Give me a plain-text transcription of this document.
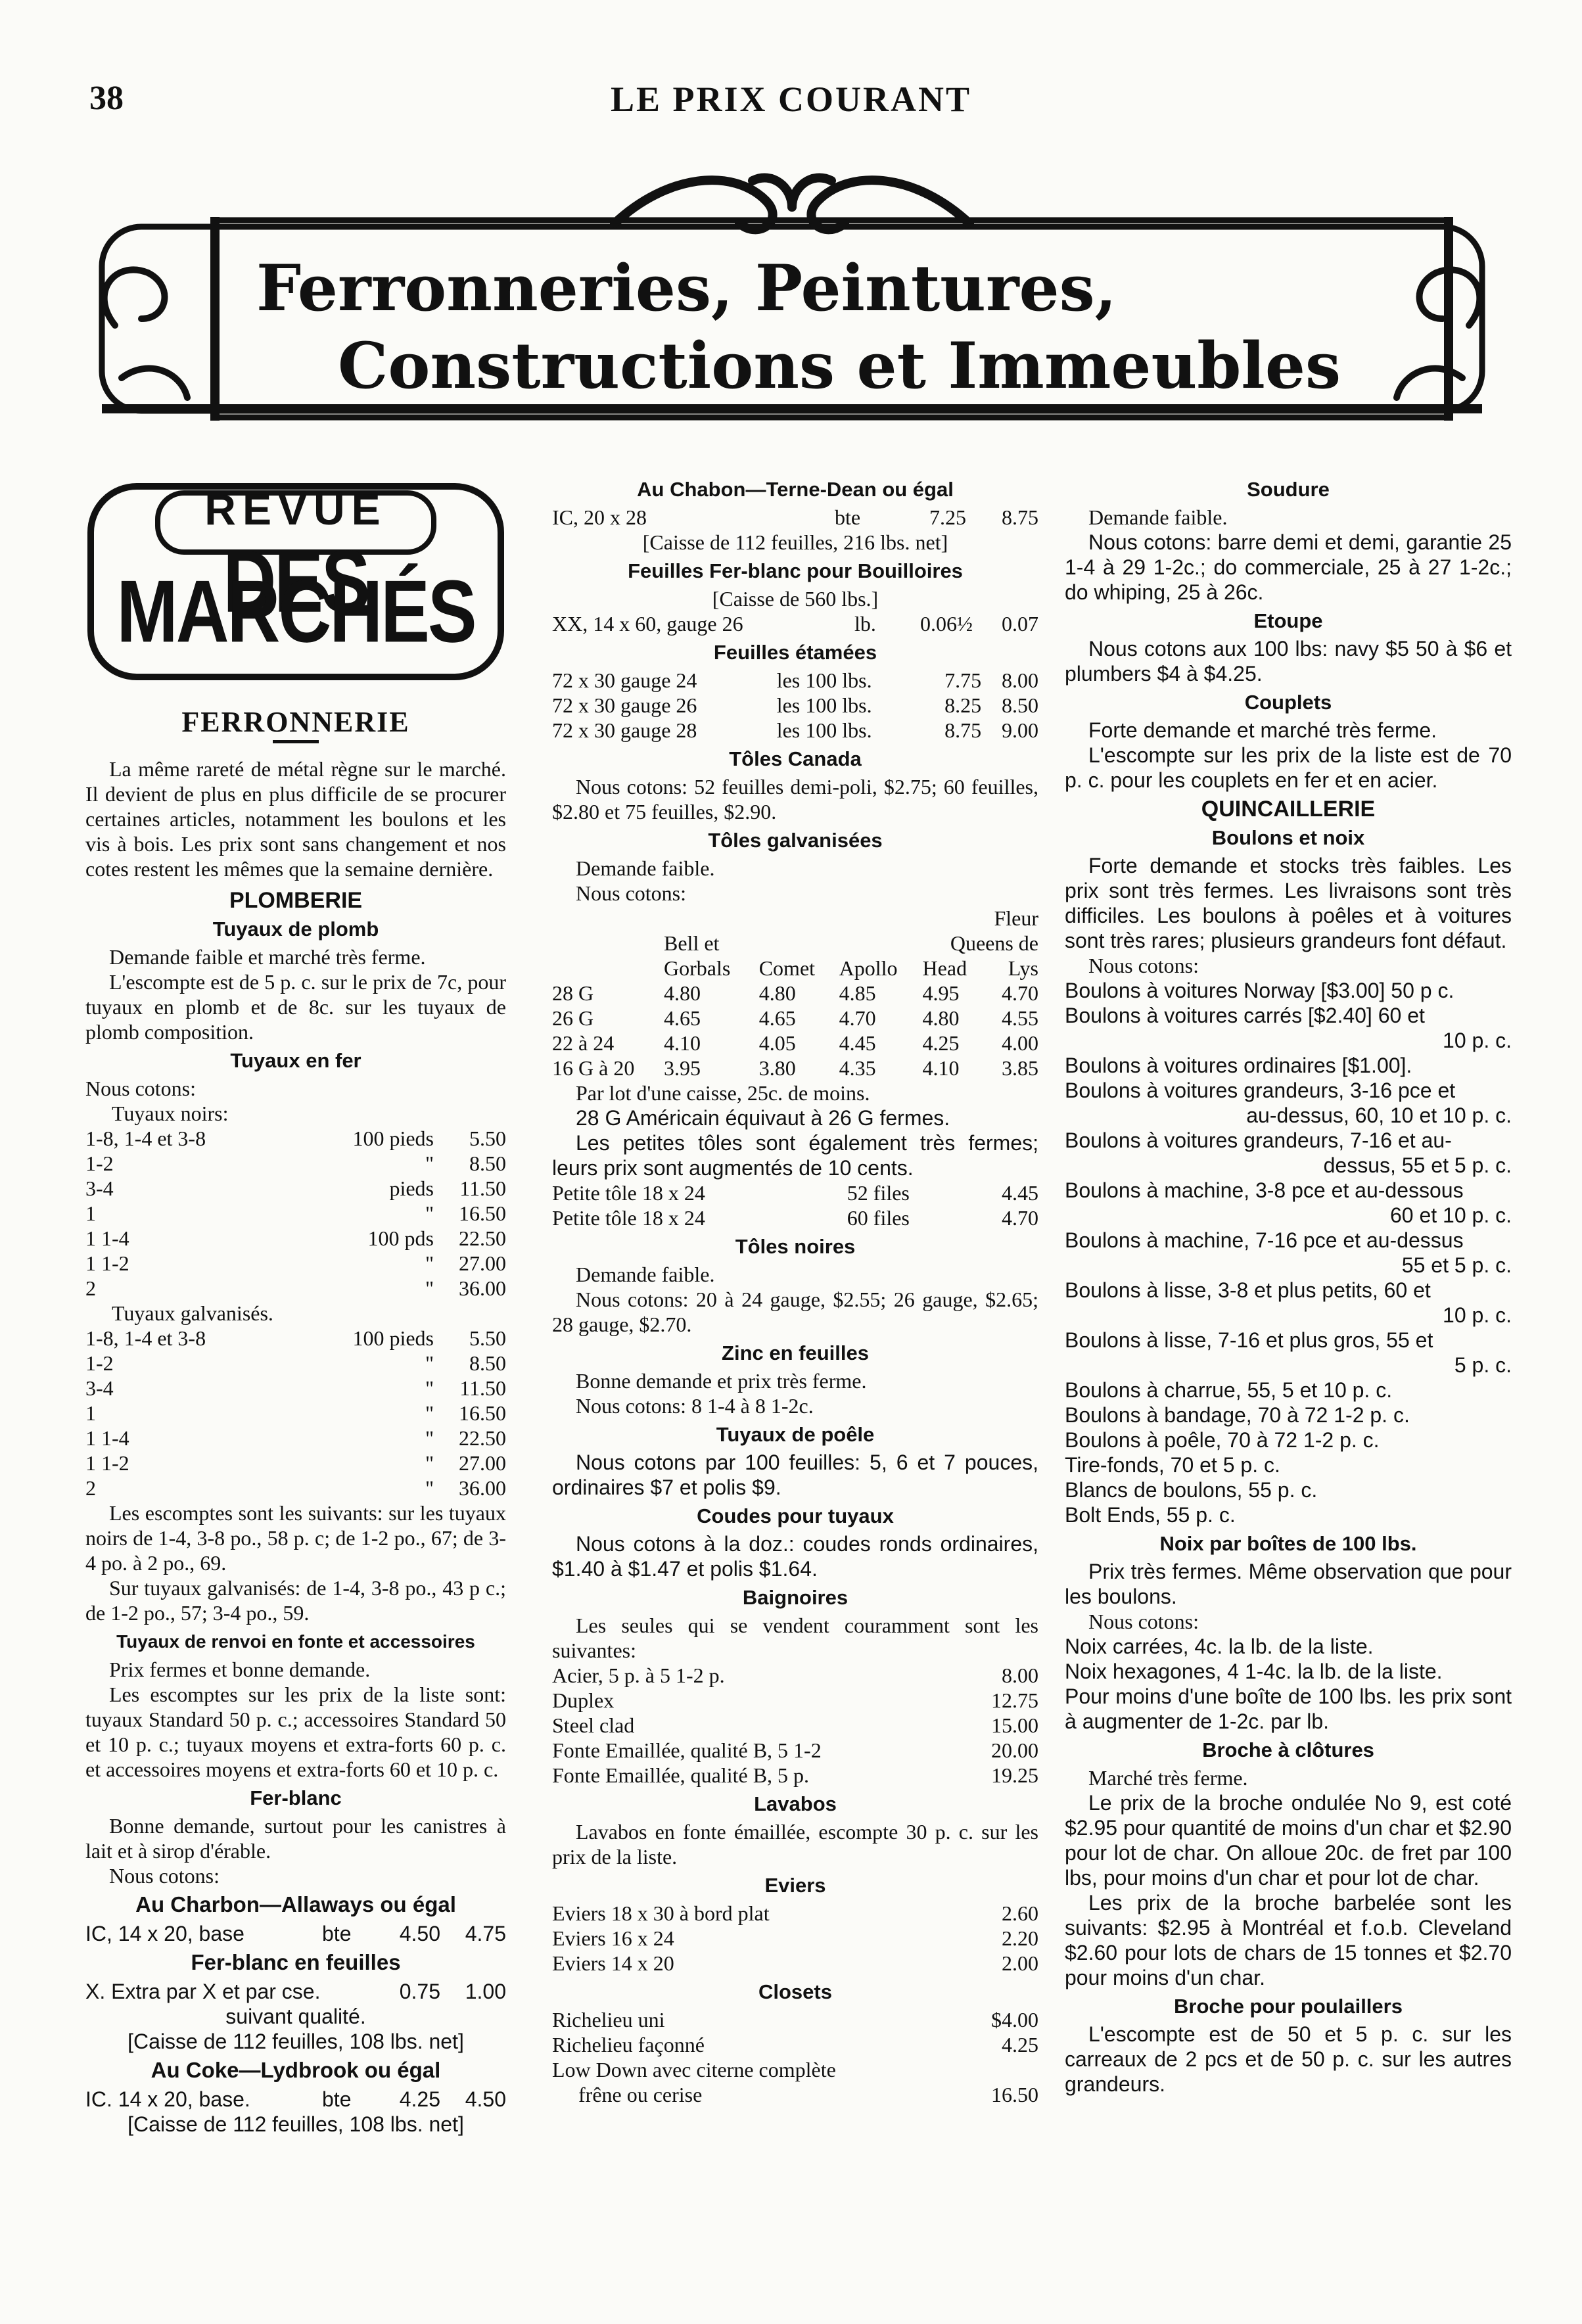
38	LE PRIX COURANT
Ferronneries, Peintures,
Constructions et Immeubles
REVUE
DES MARCHÉS
FERRONNERIE

La même rareté de métal règne sur le marché. Il devient de plus en plus difficile de se procurer certaines articles, notamment les boulons et les vis à bois. Les prix sont sans changement et nos cotes restent les mêmes que la semaine dernière.

PLOMBERIE
Tuyaux de plomb

Demande faible et marché très ferme.

L'escompte est de 5 p. c. sur le prix de 7c, pour tuyaux en plomb et de 8c. sur les tuyaux de plomb composition.

Tuyaux en fer

Nous cotons:

Tuyaux noirs:

1-8, 1-4 et 3-8	100 pieds	5.50
1-2	"	8.50
3-4	pieds	11.50
1	"	16.50
1 1-4	100 pds	22.50
1 1-2	"	27.00
2	"	36.00

Tuyaux galvanisés.

1-8, 1-4 et 3-8	100 pieds	5.50
1-2	"	8.50
3-4	"	11.50
1	"	16.50
1 1-4	"	22.50
1 1-2	"	27.00
2	"	36.00

Les escomptes sont les suivants: sur les tuyaux noirs de 1-4, 3-8 po., 58 p. c; de 1-2 po., 67; de 3-4 po. à 2 po., 69.

Sur tuyaux galvanisés: de 1-4, 3-8 po., 43 p c.; de 1-2 po., 57; 3-4 po., 59.

Tuyaux de renvoi en fonte et accessoires

Prix fermes et bonne demande.

Les escomptes sur les prix de la liste sont: tuyaux Standard 50 p. c.; accessoires Standard 50 et 10 p. c.; tuyaux moyens et extra-forts 60 p. c. et accessoires moyens et extra-forts 60 et 10 p. c.

Fer-blanc

Bonne demande, surtout pour les canistres à lait et à sirop d'érable.

Nous cotons:

Au Charbon—Allaways ou égal
IC, 14 x 20, base	bte	4.50	4.75
Fer-blanc en feuilles
X. Extra par X et par cse.	0.75	1.00

suivant qualité.

[Caisse de 112 feuilles, 108 lbs. net]

Au Coke—Lydbrook ou égal
IC. 14 x 20, base.	bte	4.25	4.50

[Caisse de 112 feuilles, 108 lbs. net]

Au Chabon—Terne-Dean ou égal
IC, 20 x 28	bte	7.25	8.75

[Caisse de 112 feuilles, 216 lbs. net]

Feuilles Fer-blanc pour Bouilloires

[Caisse de 560 lbs.]

XX, 14 x 60, gauge 26	lb.	0.06½	0.07
Feuilles étamées
72 x 30 gauge 24	les 100 lbs.	7.75	8.00
72 x 30 gauge 26	les 100 lbs.	8.25	8.50
72 x 30 gauge 28	les 100 lbs.	8.75	9.00
Tôles Canada

Nous cotons: 52 feuilles demi-poli, $2.75; 60 feuilles, $2.80 et 75 feuilles, $2.90.

Tôles galvanisées

Demande faible.

Nous cotons:

				Fleur	
	Bell et		Queens de		
	Gorbals	Comet	Apollo	Head	Lys
28 G	4.80	4.80	4.85	4.95	4.70
26 G	4.65	4.65	4.70	4.80	4.55
22 à 24	4.10	4.05	4.45	4.25	4.00
16 G à 20	3.95	3.80	4.35	4.10	3.85

Par lot d'une caisse, 25c. de moins.

28 G Américain équivaut à 26 G fermes.

Les petites tôles sont également très fermes; leurs prix sont augmentés de 10 cents.

Petite tôle 18 x 24	52 files	4.45
Petite tôle 18 x 24	60 files	4.70
Tôles noires

Demande faible.

Nous cotons: 20 à 24 gauge, $2.55; 26 gauge, $2.65; 28 gauge, $2.70.

Zinc en feuilles

Bonne demande et prix très ferme.

Nous cotons: 8 1-4 à 8 1-2c.

Tuyaux de poêle

Nous cotons par 100 feuilles: 5, 6 et 7 pouces, ordinaires $7 et polis $9.

Coudes pour tuyaux

Nous cotons à la doz.: coudes ronds ordinaires, $1.40 à $1.47 et polis $1.64.

Baignoires

Les seules qui se vendent couramment sont les suivantes:

Acier, 5 p. à 5 1-2 p.	8.00
Duplex	12.75
Steel clad	15.00
Fonte Emaillée, qualité B, 5 1-2	20.00
Fonte Emaillée, qualité B, 5 p.	19.25
Lavabos

Lavabos en fonte émaillée, escompte 30 p. c. sur les prix de la liste.

Eviers
Eviers 18 x 30 à bord plat	2.60
Eviers 16 x 24	2.20
Eviers 14 x 20	2.00
Closets
Richelieu uni	$4.00
Richelieu façonné	4.25

Low Down avec citerne complète

frêne ou cerise	16.50
Soudure

Demande faible.

Nous cotons: barre demi et demi, garantie 25 1-4 à 29 1-2c.; do commerciale, 25 à 27 1-2c.; do whiping, 25 à 26c.

Etoupe

Nous cotons aux 100 lbs: navy $5 50 à $6 et plumbers $4 à $4.25.

Couplets

Forte demande et marché très ferme.

L'escompte sur les prix de la liste est de 70 p. c. pour les couplets en fer et en acier.

QUINCAILLERIE
Boulons et noix

Forte demande et stocks très faibles. Les prix sont très fermes. Les livraisons sont très difficiles. Les boulons à poêles et à voitures sont très rares; plusieurs grandeurs font défaut.

Nous cotons:

Boulons à voitures Norway [$3.00] 50 p c.
Boulons à voitures carrés [$2.40] 60 et
10 p. c.
Boulons à voitures ordinaires [$1.00].
Boulons à voitures grandeurs, 3-16 pce et
au-dessus, 60, 10 et 10 p. c.
Boulons à voitures grandeurs, 7-16 et au-
dessus, 55 et 5 p. c.
Boulons à machine, 3-8 pce et au-dessous
60 et 10 p. c.
Boulons à machine, 7-16 pce et au-dessus
55 et 5 p. c.
Boulons à lisse, 3-8 et plus petits, 60 et
10 p. c.
Boulons à lisse, 7-16 et plus gros, 55 et
5 p. c.
Boulons à charrue, 55, 5 et 10 p. c.
Boulons à bandage, 70 à 72 1-2 p. c.
Boulons à poêle, 70 à 72 1-2 p. c.
Tire-fonds, 70 et 5 p. c.
Blancs de boulons, 55 p. c.
Bolt Ends, 55 p. c.
Noix par boîtes de 100 lbs.

Prix très fermes. Même observation que pour les boulons.

Nous cotons:

Noix carrées, 4c. la lb. de la liste.

Noix hexagones, 4 1-4c. la lb. de la liste.

Pour moins d'une boîte de 100 lbs. les prix sont à augmenter de 1-2c. par lb.

Broche à clôtures

Marché très ferme.

Le prix de la broche ondulée No 9, est coté $2.95 pour quantité de moins d'un char et $2.90 pour lot de char. On alloue 20c. de fret par 100 lbs, pour moins d'un char et pour lot de char.

Les prix de la broche barbelée sont les suivants: $2.95 à Montréal et f.o.b. Cleveland $2.60 pour lots de chars de 15 tonnes et $2.70 pour moins d'un char.

Broche pour poulaillers

L'escompte est de 50 et 5 p. c. sur les carreaux de 2 pcs et de 50 p. c. sur les autres grandeurs.
